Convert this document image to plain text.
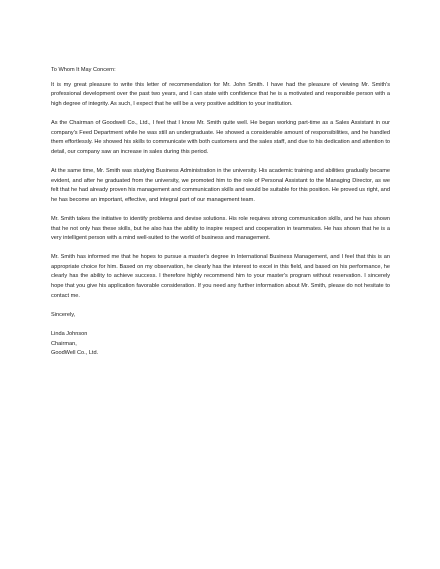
To Whom It May Concern:

It is my great pleasure to write this letter of recommendation for Mr. John Smith. I have had the pleasure of viewing Mr. Smith's professional development over the past two years, and I can state with confidence that he is a motivated and responsible person with a high degree of integrity. As such, I expect that he will be a very positive addition to your institution.

As the Chairman of Goodwell Co., Ltd., I feel that I know Mr. Smith quite well. He began working part-time as a Sales Assistant in our company's Feed Department while he was still an undergraduate. He showed a considerable amount of responsibilities, and he handled them effortlessly. He showed his skills to communicate with both customers and the sales staff, and due to his dedication and attention to detail, our company saw an increase in sales during this period.

At the same time, Mr. Smith was studying Business Administration in the university. His academic training and abilities gradually became evident, and after he graduated from the university, we promoted him to the role of Personal Assistant to the Managing Director, as we felt that he had already proven his management and communication skills and would be suitable for this position. He proved us right, and he has become an important, effective, and integral part of our management team.

Mr. Smith takes the initiative to identify problems and devise solutions. His role requires strong communication skills, and he has shown that he not only has these skills, but he also has the ability to inspire respect and cooperation in teammates. He has shown that he is a very intelligent person with a mind well-suited to the world of business and management.

Mr. Smith has informed me that he hopes to pursue a master's degree in International Business Management, and I feel that this is an appropriate choice for him. Based on my observation, he clearly has the interest to excel in this field, and based on his performance, he clearly has the ability to achieve success. I therefore highly recommend him to your master's program without reservation. I sincerely hope that you give his application favorable consideration. If you need any further information about Mr. Smith, please do not hesitate to contact me.

Sincerely,

Linda Johnson

Chairman,

GoodWell Co., Ltd.
